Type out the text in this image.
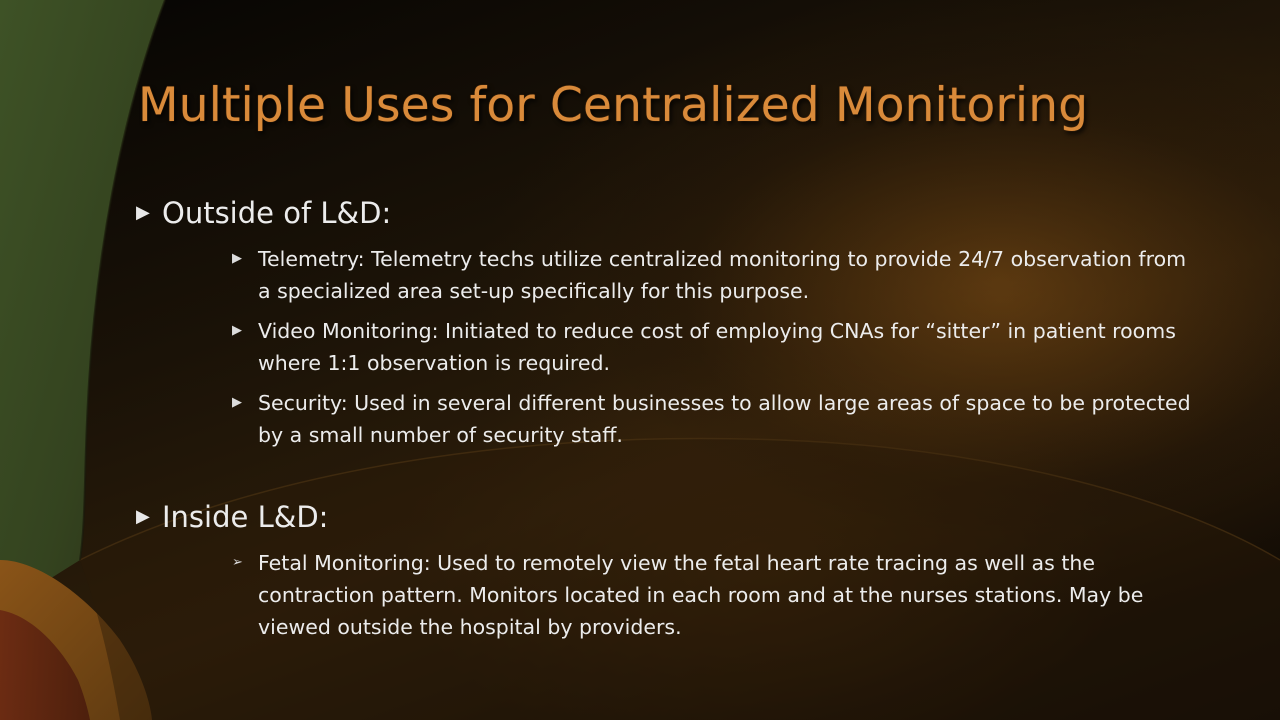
Multiple Uses for Centralized Monitoring
▶ Outside of L&D:
▶ Telemetry: Telemetry techs utilize centralized monitoring to provide 24/7 observation from a specialized area set-up specifically for this purpose.
▶ Video Monitoring: Initiated to reduce cost of employing CNAs for “sitter” in patient rooms where 1:1 observation is required.
▶ Security: Used in several different businesses to allow large areas of space to be protected by a small number of security staff.
▶ Inside L&D:
➢ Fetal Monitoring: Used to remotely view the fetal heart rate tracing as well as the contraction pattern. Monitors located in each room and at the nurses stations. May be viewed outside the hospital by providers.
